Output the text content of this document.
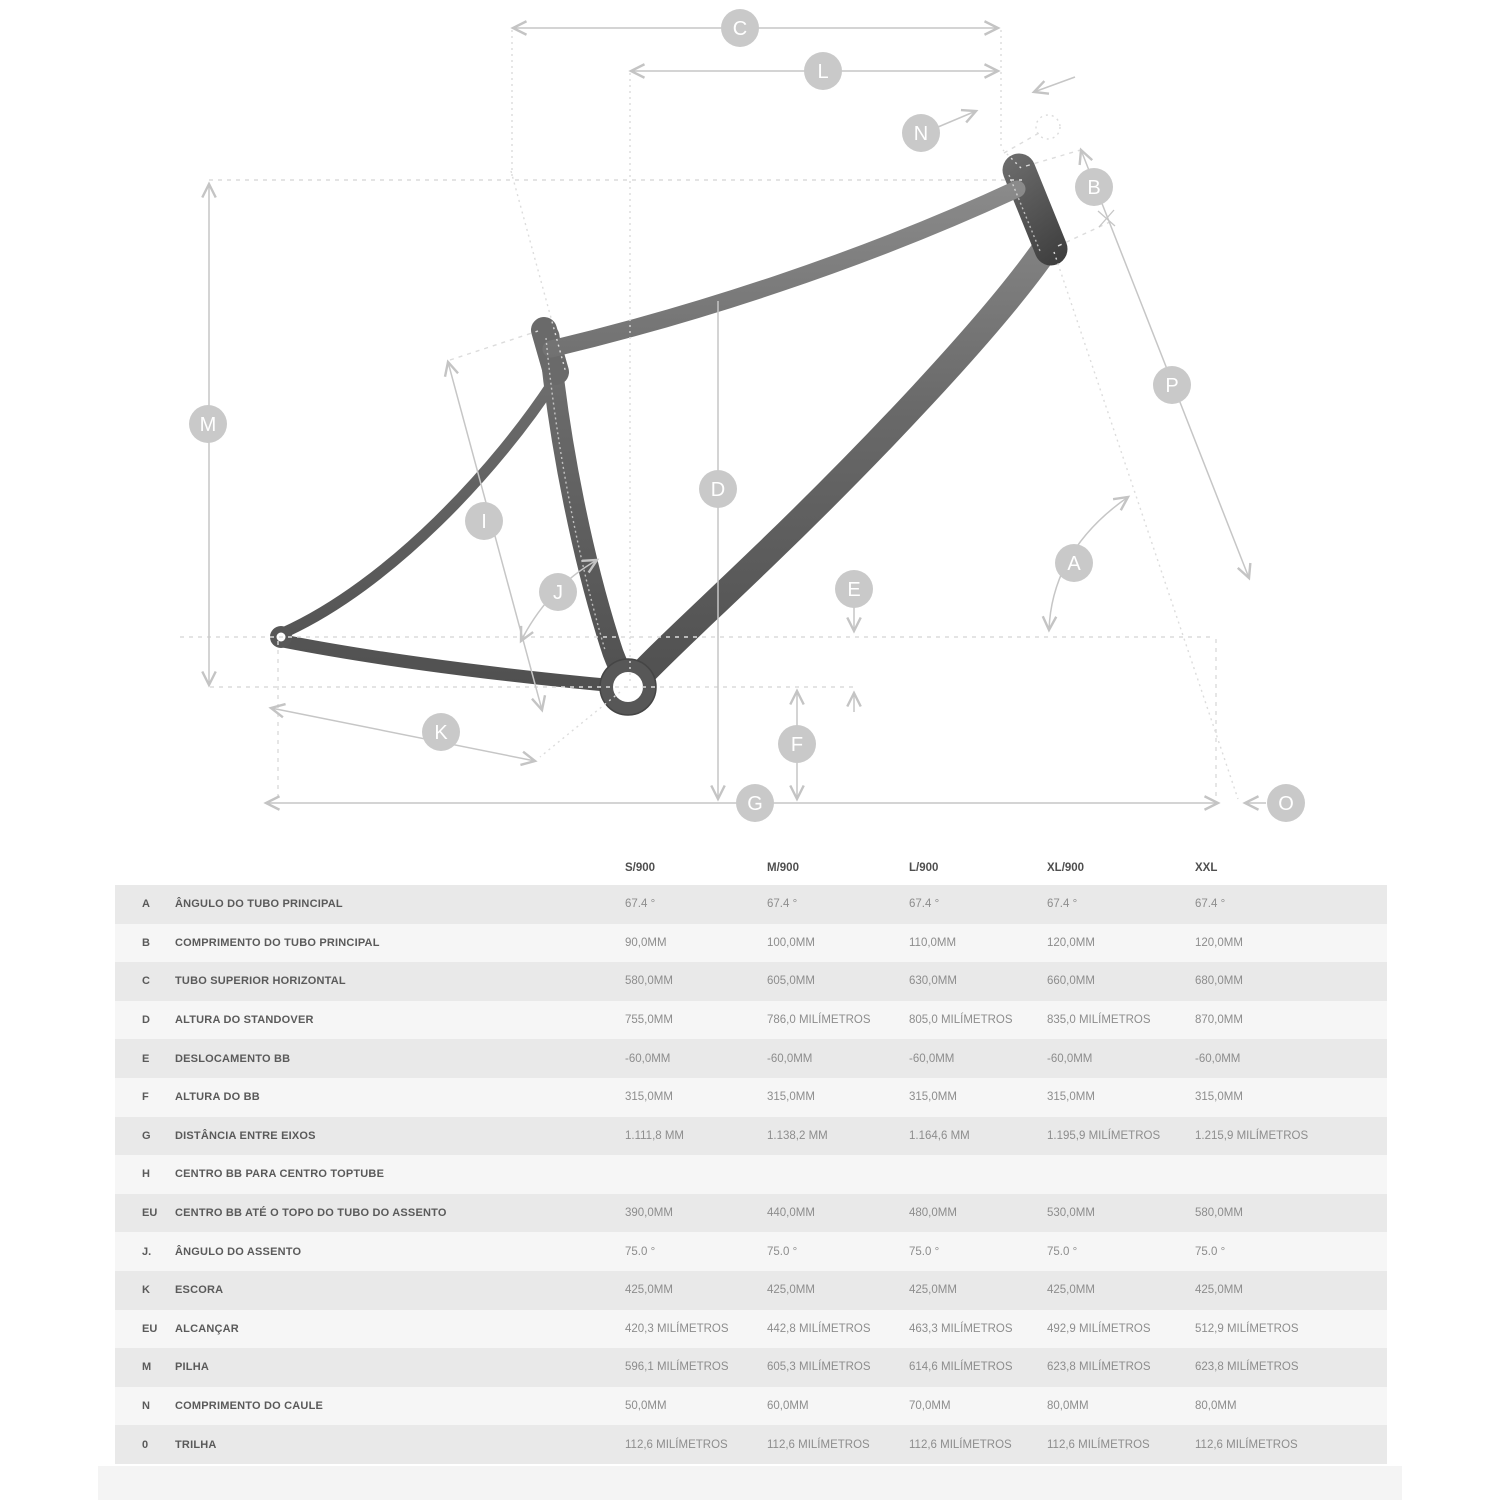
C
L
N
B
M
I
J
D
E
A
P
K
F
G	O
S/900	M/900	L/900	XL/900	XXL
A	ÂNGULO DO TUBO PRINCIPAL	67.4 °	67.4 °	67.4 °	67.4 °	67.4 °
B	COMPRIMENTO DO TUBO PRINCIPAL	90,0MM	100,0MM	110,0MM	120,0MM	120,0MM
C	TUBO SUPERIOR HORIZONTAL	580,0MM	605,0MM	630,0MM	660,0MM	680,0MM
D	ALTURA DO STANDOVER	755,0MM	786,0 MILÍMETROS	805,0 MILÍMETROS	835,0 MILÍMETROS	870,0MM
E	DESLOCAMENTO BB	-60,0MM	-60,0MM	-60,0MM	-60,0MM	-60,0MM
F	ALTURA DO BB	315,0MM	315,0MM	315,0MM	315,0MM	315,0MM
G	DISTÂNCIA ENTRE EIXOS	1.111,8 MM	1.138,2 MM	1.164,6 MM	1.195,9 MILÍMETROS	1.215,9 MILÍMETROS
H	CENTRO BB PARA CENTRO TOPTUBE
EU	CENTRO BB ATÉ O TOPO DO TUBO DO ASSENTO	390,0MM	440,0MM	480,0MM	530,0MM	580,0MM
J.	ÂNGULO DO ASSENTO	75.0 °	75.0 °	75.0 °	75.0 °	75.0 °
K	ESCORA	425,0MM	425,0MM	425,0MM	425,0MM	425,0MM
EU	ALCANÇAR	420,3 MILÍMETROS	442,8 MILÍMETROS	463,3 MILÍMETROS	492,9 MILÍMETROS	512,9 MILÍMETROS
M	PILHA	596,1 MILÍMETROS	605,3 MILÍMETROS	614,6 MILÍMETROS	623,8 MILÍMETROS	623,8 MILÍMETROS
N	COMPRIMENTO DO CAULE	50,0MM	60,0MM	70,0MM	80,0MM	80,0MM
0	TRILHA	112,6 MILÍMETROS	112,6 MILÍMETROS	112,6 MILÍMETROS	112,6 MILÍMETROS	112,6 MILÍMETROS
